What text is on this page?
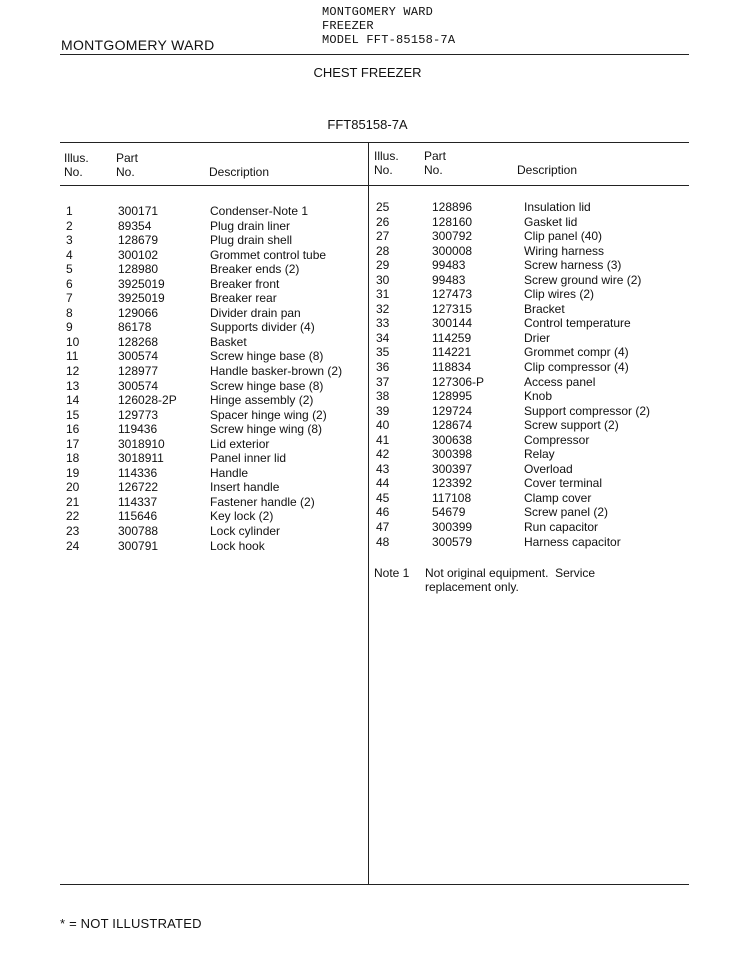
MONTGOMERY WARD
FREEZER
MODEL FFT-85158-7A
MONTGOMERY WARD
CHEST FREEZER
FFT85158-7A
Illus.
No.
Part
No.	Description
Illus.
No.
Part
No.	Description
1	300171	Condenser-Note 1
2	89354	Plug drain liner
3	128679	Plug drain shell
4	300102	Grommet control tube
5	128980	Breaker ends (2)
6	3925019	Breaker front
7	3925019	Breaker rear
8	129066	Divider drain pan
9	86178	Supports divider (4)
10	128268	Basket
11	300574	Screw hinge base (8)
12	128977	Handle basker-brown (2)
13	300574	Screw hinge base (8)
14	126028-2P	Hinge assembly (2)
15	129773	Spacer hinge wing (2)
16	119436	Screw hinge wing (8)
17	3018910	Lid exterior
18	3018911	Panel inner lid
19	114336	Handle
20	126722	Insert handle
21	114337	Fastener handle (2)
22	115646	Key lock (2)
23	300788	Lock cylinder
24	300791	Lock hook
25	128896	Insulation lid
26	128160	Gasket lid
27	300792	Clip panel (40)
28	300008	Wiring harness
29	99483	Screw harness (3)
30	99483	Screw ground wire (2)
31	127473	Clip wires (2)
32	127315	Bracket
33	300144	Control temperature
34	114259	Drier
35	114221	Grommet compr (4)
36	118834	Clip compressor (4)
37	127306-P	Access panel
38	128995	Knob
39	129724	Support compressor (2)
40	128674	Screw support (2)
41	300638	Compressor
42	300398	Relay
43	300397	Overload
44	123392	Cover terminal
45	117108	Clamp cover
46	54679	Screw panel (2)
47	300399	Run capacitor
48	300579	Harness capacitor
Note 1 Not original equipment.  Service
replacement only.
* = NOT ILLUSTRATED
